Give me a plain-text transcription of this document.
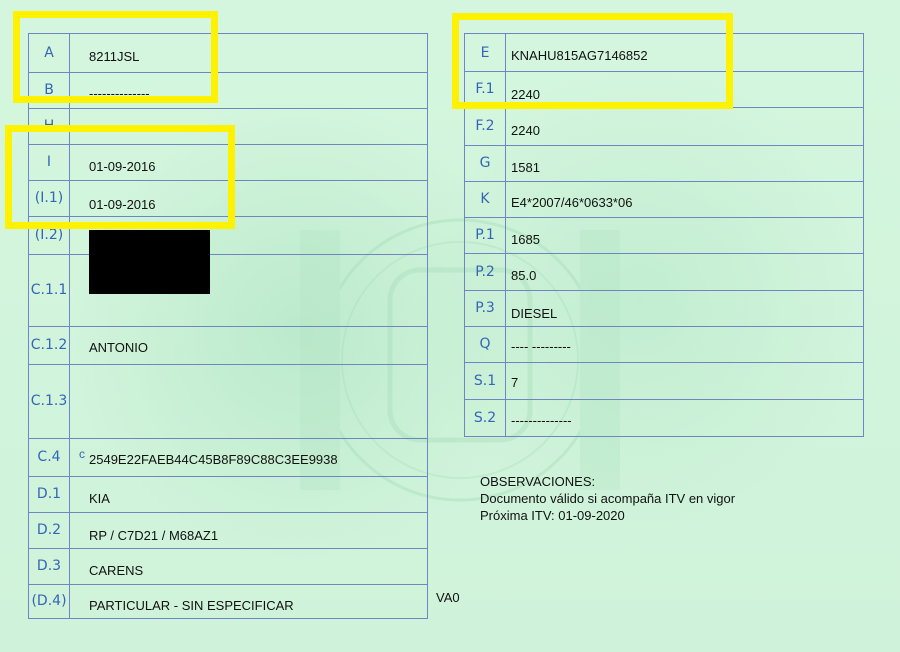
A	8211JSL
B	--------------
H
I	01-09-2016
(I.1)	01-09-2016
(I.2)
C.1.1
C.1.2 ANTONIO
C.1.3
C.4	2549E22FAEB44C45B8F89C88C3EE9938
D.1	KIA
D.2	RP / C7D21 / M68AZ1
D.3	CARENS
(D.4) PARTICULAR - SIN ESPECIFICAR
c
E	KNAHU815AG7146852
F.1	2240
F.2	2240
G	1581
K	E4*2007/46*0633*06
P.1	1685
P.2	85.0
P.3	DIESEL
Q	---- ---------
S.1	7
S.2	--------------
OBSERVACIONES:
Documento válido si acompaña ITV en vigor
Próxima ITV: 01-09-2020
VA0
